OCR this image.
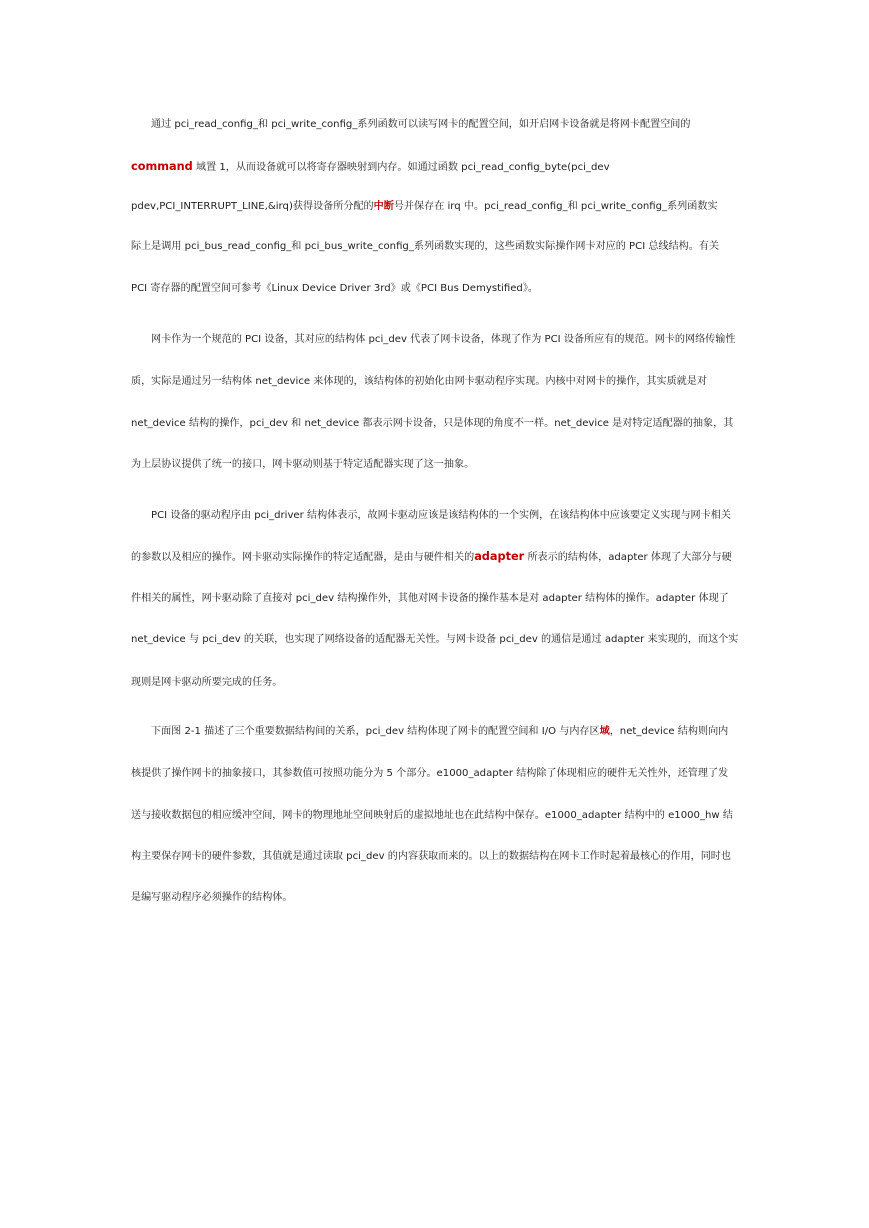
通过 pci_read_config_和 pci_write_config_系列函数可以读写网卡的配置空间，如开启网卡设备就是将网卡配置空间的
command 域置 1，从而设备就可以将寄存器映射到内存。如通过函数 pci_read_config_byte(pci_dev
pdev,PCI_INTERRUPT_LINE,&irq)获得设备所分配的中断号并保存在 irq 中。pci_read_config_和 pci_write_config_系列函数实
际上是调用 pci_bus_read_config_和 pci_bus_write_config_系列函数实现的，这些函数实际操作网卡对应的 PCI 总线结构。有关
PCI 寄存器的配置空间可参考《Linux Device Driver 3rd》或《PCI Bus Demystified》。
网卡作为一个规范的 PCI 设备，其对应的结构体 pci_dev 代表了网卡设备，体现了作为 PCI 设备所应有的规范。网卡的网络传输性
质，实际是通过另一结构体 net_device 来体现的，该结构体的初始化由网卡驱动程序实现。内核中对网卡的操作，其实质就是对
net_device 结构的操作，pci_dev 和 net_device 都表示网卡设备，只是体现的角度不一样。net_device 是对特定适配器的抽象，其
为上层协议提供了统一的接口，网卡驱动则基于特定适配器实现了这一抽象。
PCI 设备的驱动程序由 pci_driver 结构体表示，故网卡驱动应该是该结构体的一个实例，在该结构体中应该要定义实现与网卡相关
的参数以及相应的操作。网卡驱动实际操作的特定适配器，是由与硬件相关的adapter 所表示的结构体，adapter 体现了大部分与硬
件相关的属性，网卡驱动除了直接对 pci_dev 结构操作外，其他对网卡设备的操作基本是对 adapter 结构体的操作。adapter 体现了
net_device 与 pci_dev 的关联，也实现了网络设备的适配器无关性。与网卡设备 pci_dev 的通信是通过 adapter 来实现的，而这个实
现则是网卡驱动所要完成的任务。
下面图 2-1 描述了三个重要数据结构间的关系，pci_dev 结构体现了网卡的配置空间和 I/O 与内存区域，net_device 结构则向内
核提供了操作网卡的抽象接口，其参数值可按照功能分为 5 个部分。e1000_adapter 结构除了体现相应的硬件无关性外，还管理了发
送与接收数据包的相应缓冲空间，网卡的物理地址空间映射后的虚拟地址也在此结构中保存。e1000_adapter 结构中的 e1000_hw 结
构主要保存网卡的硬件参数，其值就是通过读取 pci_dev 的内容获取而来的。以上的数据结构在网卡工作时起着最核心的作用，同时也
是编写驱动程序必须操作的结构体。
